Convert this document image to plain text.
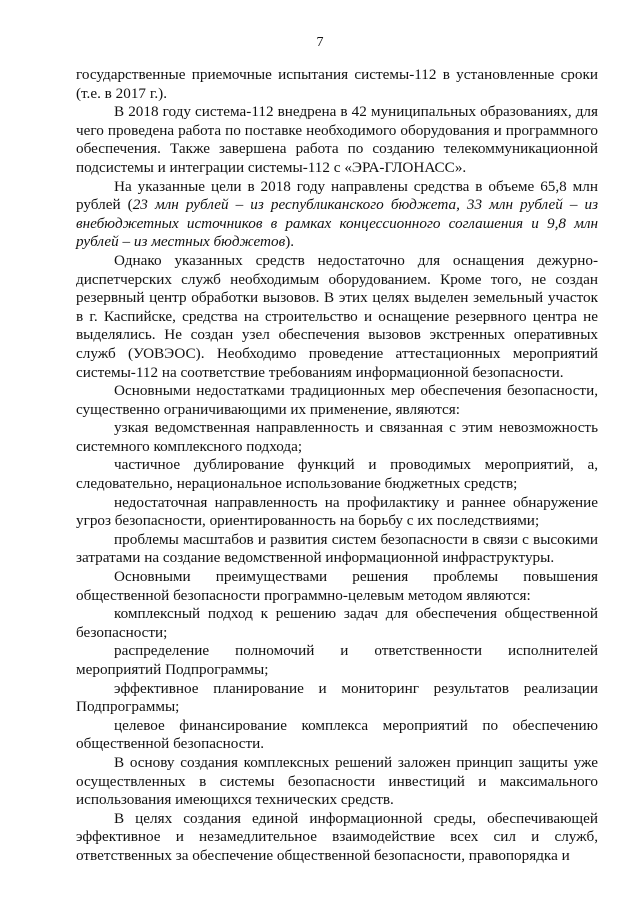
7

государственные приемочные испытания системы-112 в установленные сроки (т.е. в 2017 г.).

В 2018 году система-112 внедрена в 42 муниципальных образованиях, для чего проведена работа по поставке необходимого оборудования и программного обеспечения. Также завершена работа по созданию телекоммуникационной подсистемы и интеграции системы-112 с «ЭРА-ГЛОНАСС».

На указанные цели в 2018 году направлены средства в объеме 65,8 млн рублей (23 млн рублей – из республиканского бюджета, 33 млн рублей – из внебюджетных источников в рамках концессионного соглашения и 9,8 млн рублей – из местных бюджетов).

Однако указанных средств недостаточно для оснащения дежурно-диспетчерских служб необходимым оборудованием. Кроме того, не создан резервный центр обработки вызовов. В этих целях выделен земельный участок в г. Каспийске, средства на строительство и оснащение резервного центра не выделялись. Не создан узел обеспечения вызовов экстренных оперативных служб (УОВЭОС). Необходимо проведение аттестационных мероприятий системы-112 на соответствие требованиям информационной безопасности.

Основными недостатками традиционных мер обеспечения безопасности, существенно ограничивающими их применение, являются:

узкая ведомственная направленность и связанная с этим невозможность системного комплексного подхода;

частичное дублирование функций и проводимых мероприятий, а, следовательно, нерациональное использование бюджетных средств;

недостаточная направленность на профилактику и раннее обнаружение угроз безопасности, ориентированность на борьбу с их последствиями;

проблемы масштабов и развития систем безопасности в связи с высокими затратами на создание ведомственной информационной инфраструктуры.

Основными преимуществами решения проблемы повышения общественной безопасности программно-целевым методом являются:

комплексный подход к решению задач для обеспечения общественной безопасности;

распределение полномочий и ответственности исполнителей мероприятий Подпрограммы;

эффективное планирование и мониторинг результатов реализации Подпрограммы;

целевое финансирование комплекса мероприятий по обеспечению общественной безопасности.

В основу создания комплексных решений заложен принцип защиты уже осуществленных в системы безопасности инвестиций и максимального использования имеющихся технических средств.

В целях создания единой информационной среды, обеспечивающей эффективное и незамедлительное взаимодействие всех сил и служб, ответственных за обеспечение общественной безопасности, правопорядка и
